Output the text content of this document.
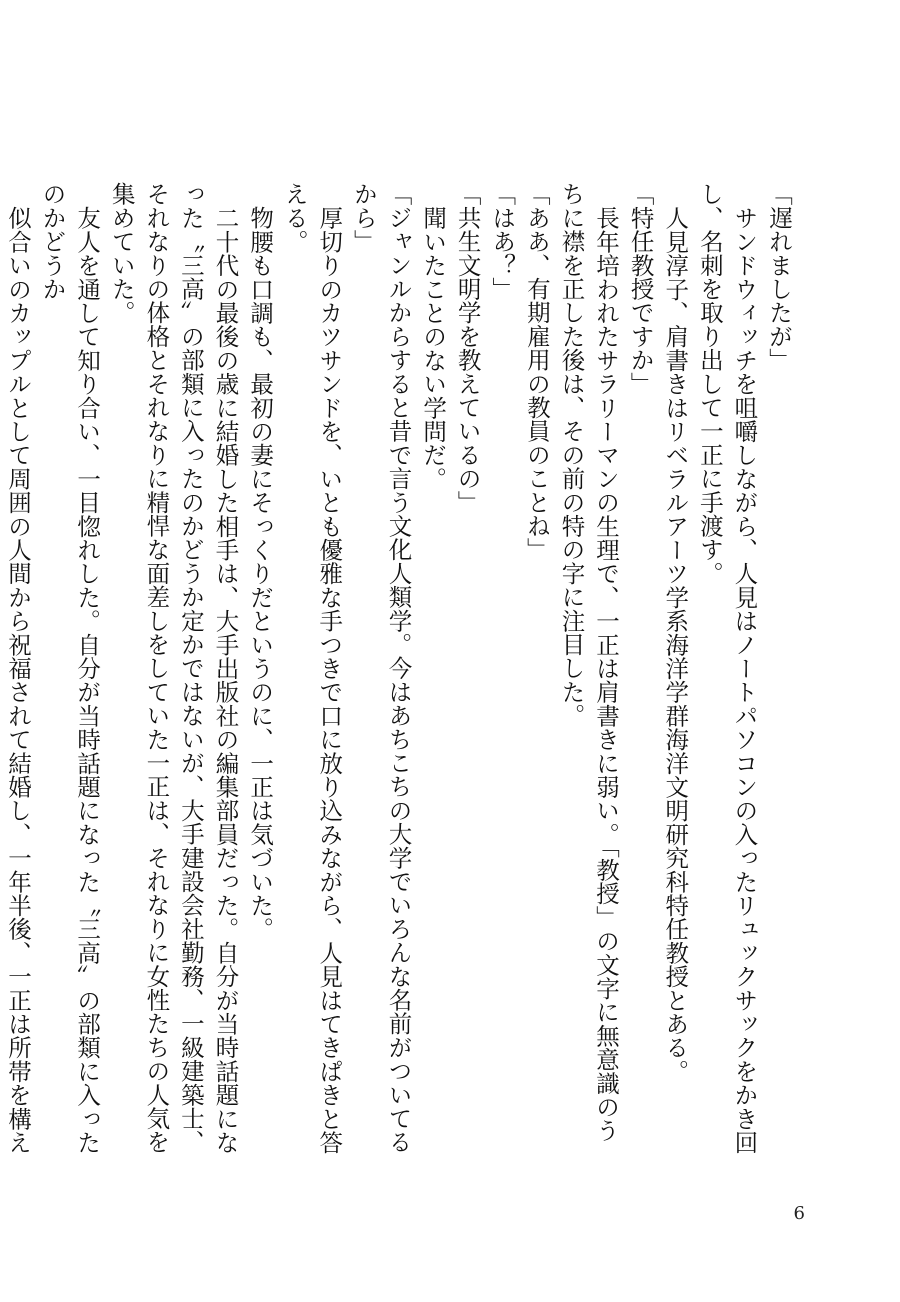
「遅れましたが」

サンドウィッチを咀嚼しながら、人見はノートパソコンの入ったリュックサックをかき回し、名刺を取り出して一正に手渡す。

人見淳子、肩書きはリベラルアーツ学系海洋学群海洋文明研究科特任教授とある。

「特任教授ですか」

長年培われたサラリーマンの生理で、一正は肩書きに弱い。「教授」の文字に無意識のうちに襟を正した後は、その前の特の字に注目した。

「ああ、有期雇用の教員のことね」

「はあ？」

「共生文明学を教えているの」

聞いたことのない学問だ。

「ジャンルからすると昔で言う文化人類学。今はあちこちの大学でいろんな名前がついてるから」

厚切りのカツサンドを、いとも優雅な手つきで口に放り込みながら、人見はてきぱきと答える。

物腰も口調も、最初の妻にそっくりだというのに、一正は気づいた。

二十代の最後の歳に結婚した相手は、大手出版社の編集部員だった。自分が当時話題になった〝三高〟の部類に入ったのかどうか定かではないが、大手建設会社勤務、一級建築士、それなりの体格とそれなりに精悍な面差しをしていた一正は、それなりに女性たちの人気を集めていた。

友人を通して知り合い、一目惚れした。自分が当時話題になった〝三高〟の部類に入ったのかどうか

似合いのカップルとして周囲の人間から祝福されて結婚し、一年半後、一正は所帯を構え

6
